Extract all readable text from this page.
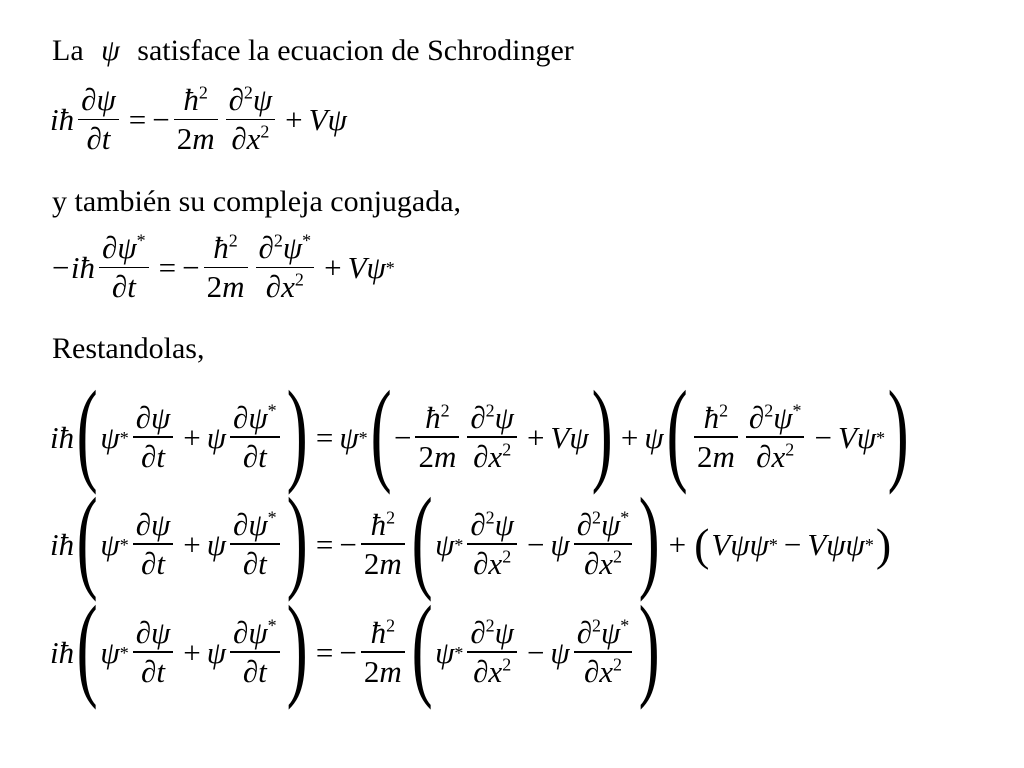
La ψ satisface la ecuacion de Schrodinger
i ħ $\frac{\partial\psi}{\partial t}$ = − $\frac{ħ^2}{2m} \frac{\partial^2\psi}{\partial x^2} + V$ ψ
y también su compleja conjugada,
−i ħ $\frac{\partial\psi^*}{\partial t}$ = − $\frac{ħ^2}{2m} \frac{\partial^2\psi^*}{\partial x^2} + V$ ψ *
Restandolas,
i ħ ( $\psi * \frac{\partial\psi}{\partial t} + \psi \frac{\partial\psi^*}{\partial t}$ ) = ψ * ( − $\frac{ħ^2}{2m} \frac{\partial^2\psi}{\partial x^2} + V$ ψ ) + ψ ( $\frac{ħ^2}{2m} \frac{\partial^2\psi^*}{\partial x^2} - V$ ψ * )
i ħ ( $\psi * \frac{\partial\psi}{\partial t} + \psi \frac{\partial\psi^*}{\partial t}$ ) = − $\frac{ħ^2}{2m}$ ( $\psi * \frac{\partial^2\psi}{\partial x^2} - \psi \frac{\partial^2\psi^*}{\partial x^2}$ ) + ( V ψ ψ * − V ψ ψ * )
i ħ ( $\psi * \frac{\partial\psi}{\partial t} + \psi \frac{\partial\psi^*}{\partial t}$ ) = − $\frac{ħ^2}{2m}$ ( $\psi * \frac{\partial^2\psi}{\partial x^2} - \psi \frac{\partial^2\psi^*}{\partial x^2}$ )
